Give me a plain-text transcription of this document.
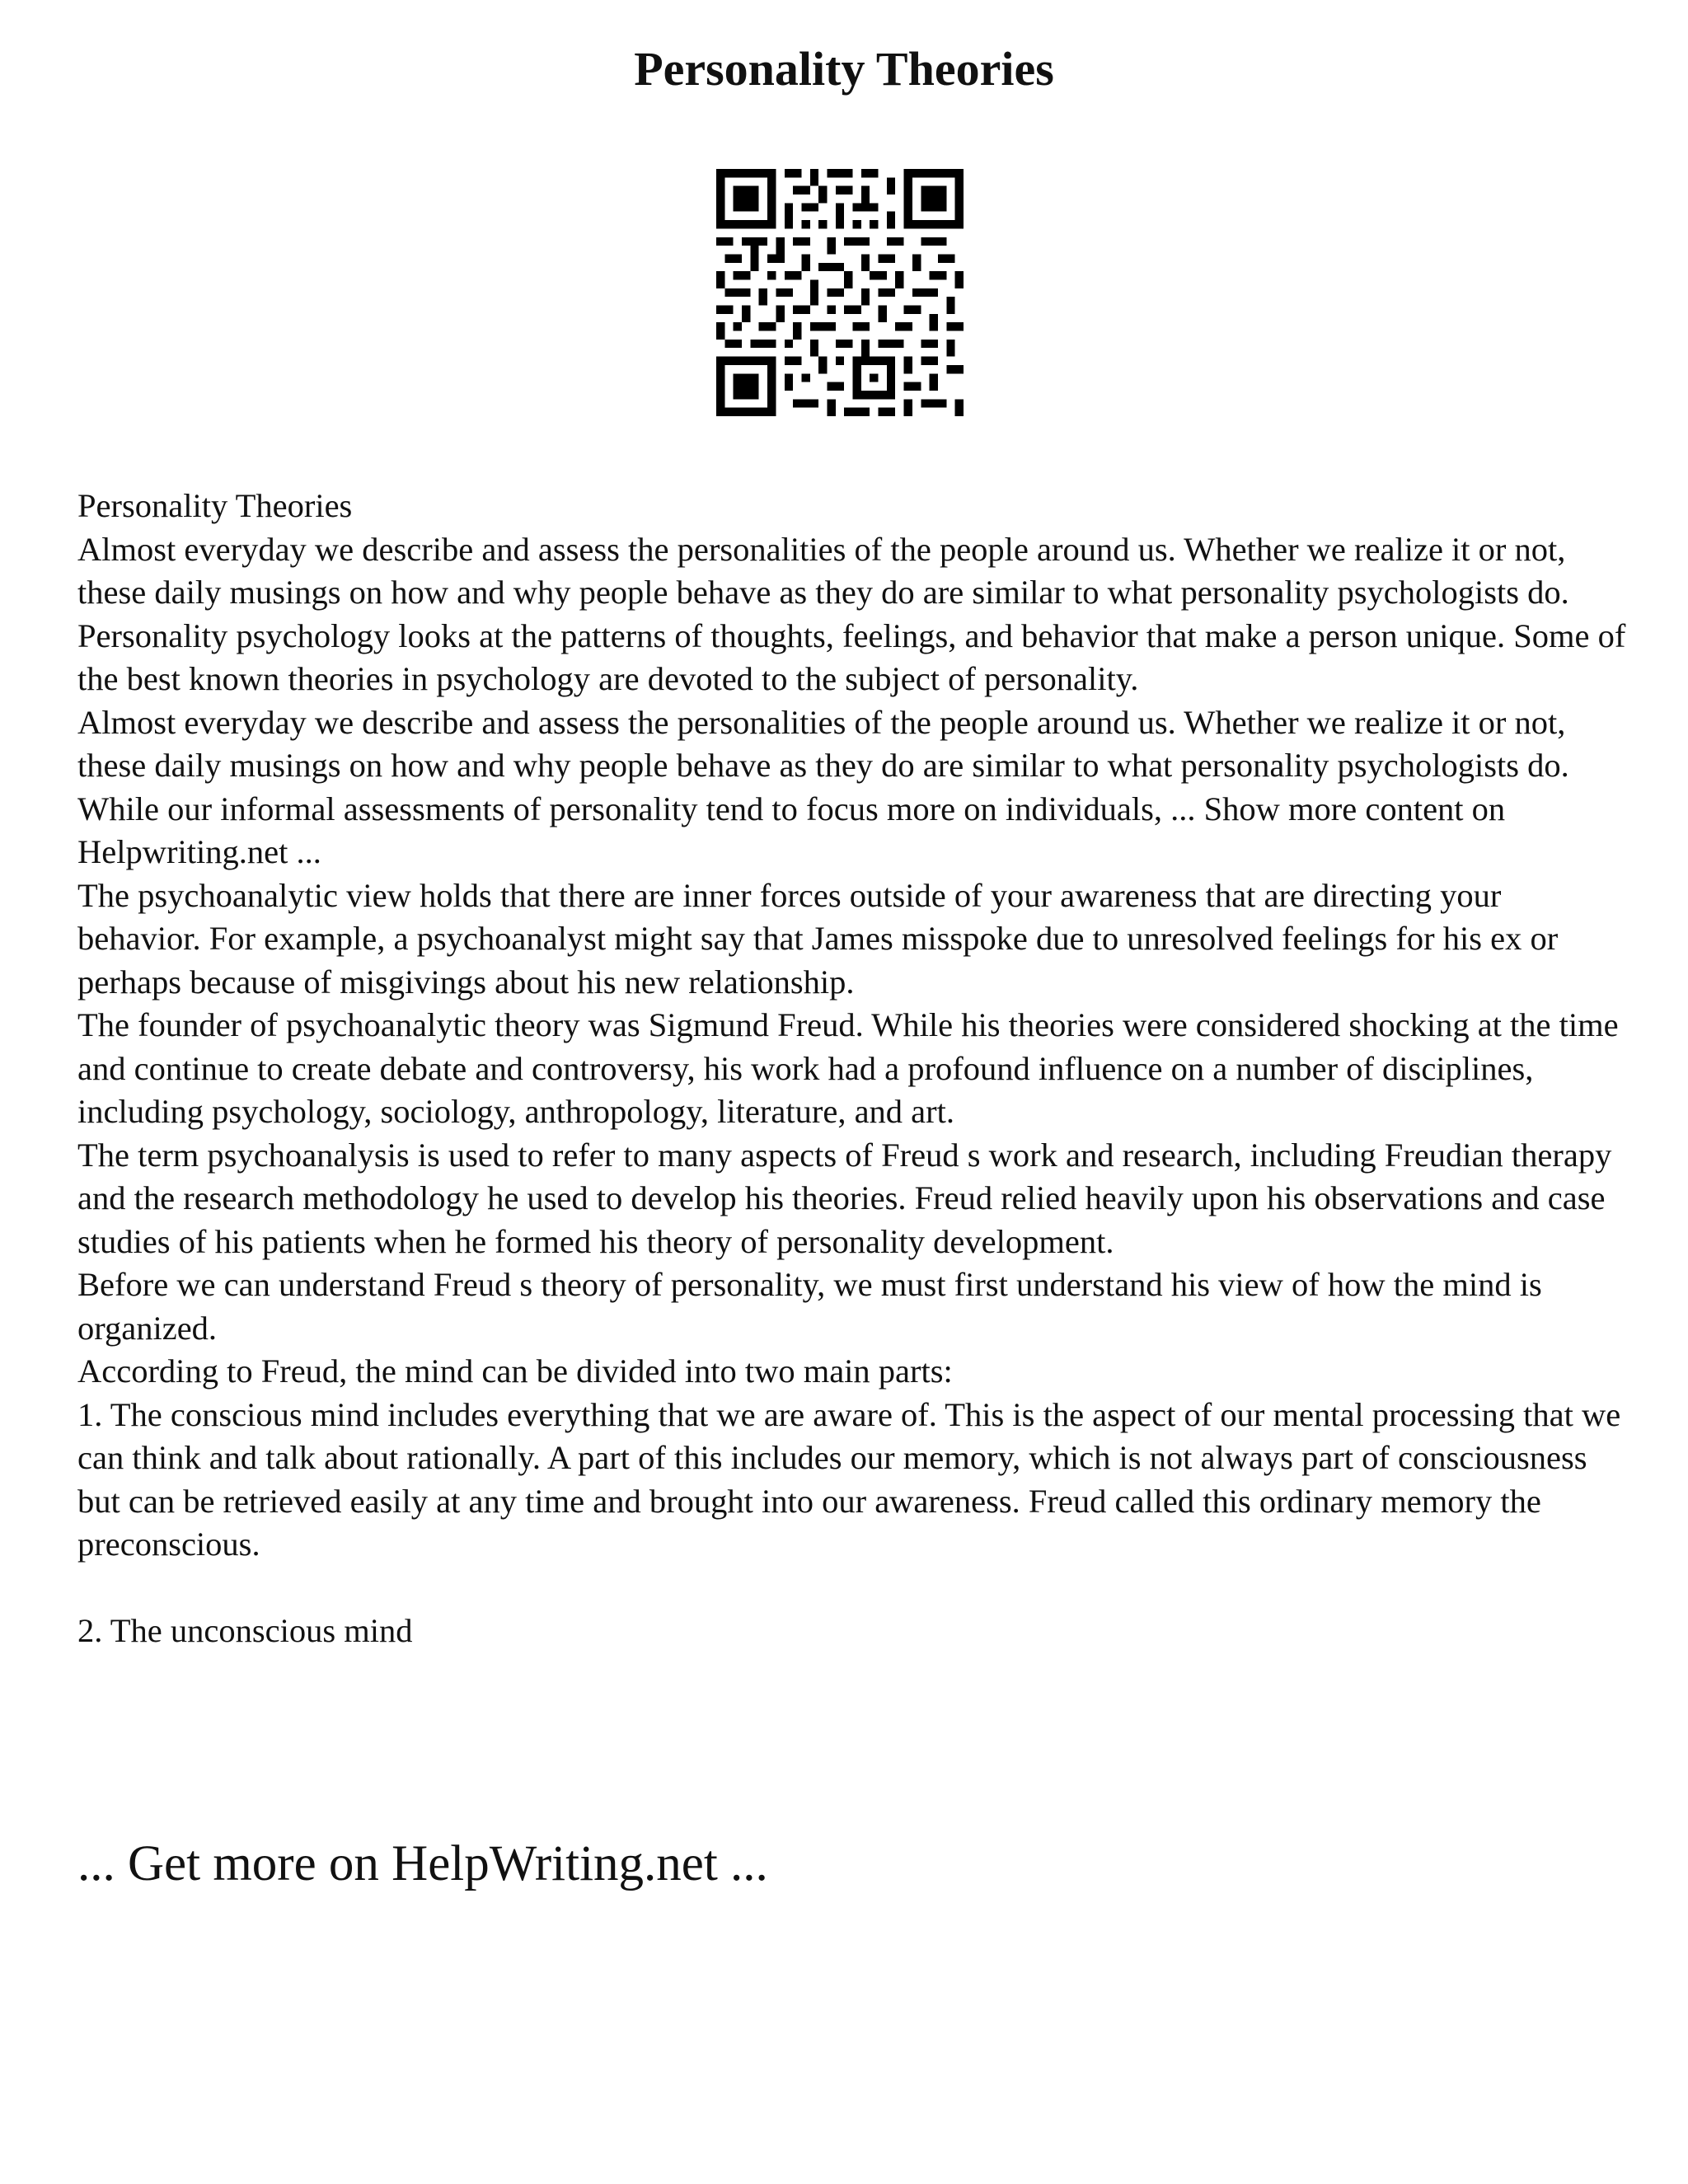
Personality Theories

Personality Theories

Almost everyday we describe and assess the personalities of the people around us. Whether we realize it or not, these daily musings on how and why people behave as they do are similar to what personality psychologists do. Personality psychology looks at the patterns of thoughts, feelings, and behavior that make a person unique. Some of the best known theories in psychology are devoted to the subject of personality.

Almost everyday we describe and assess the personalities of the people around us. Whether we realize it or not, these daily musings on how and why people behave as they do are similar to what personality psychologists do.

While our informal assessments of personality tend to focus more on individuals, ... Show more content on Helpwriting.net ...

The psychoanalytic view holds that there are inner forces outside of your awareness that are directing your behavior. For example, a psychoanalyst might say that James misspoke due to unresolved feelings for his ex or perhaps because of misgivings about his new relationship.

The founder of psychoanalytic theory was Sigmund Freud. While his theories were considered shocking at the time and continue to create debate and controversy, his work had a profound influence on a number of disciplines, including psychology, sociology, anthropology, literature, and art.

The term psychoanalysis is used to refer to many aspects of Freud s work and research, including Freudian therapy and the research methodology he used to develop his theories. Freud relied heavily upon his observations and case studies of his patients when he formed his theory of personality development.

Before we can understand Freud s theory of personality, we must first understand his view of how the mind is organized.

According to Freud, the mind can be divided into two main parts:

1. The conscious mind includes everything that we are aware of. This is the aspect of our mental processing that we can think and talk about rationally. A part of this includes our memory, which is not always part of consciousness but can be retrieved easily at any time and brought into our awareness. Freud called this ordinary memory the preconscious.

2. The unconscious mind

... Get more on HelpWriting.net ...
